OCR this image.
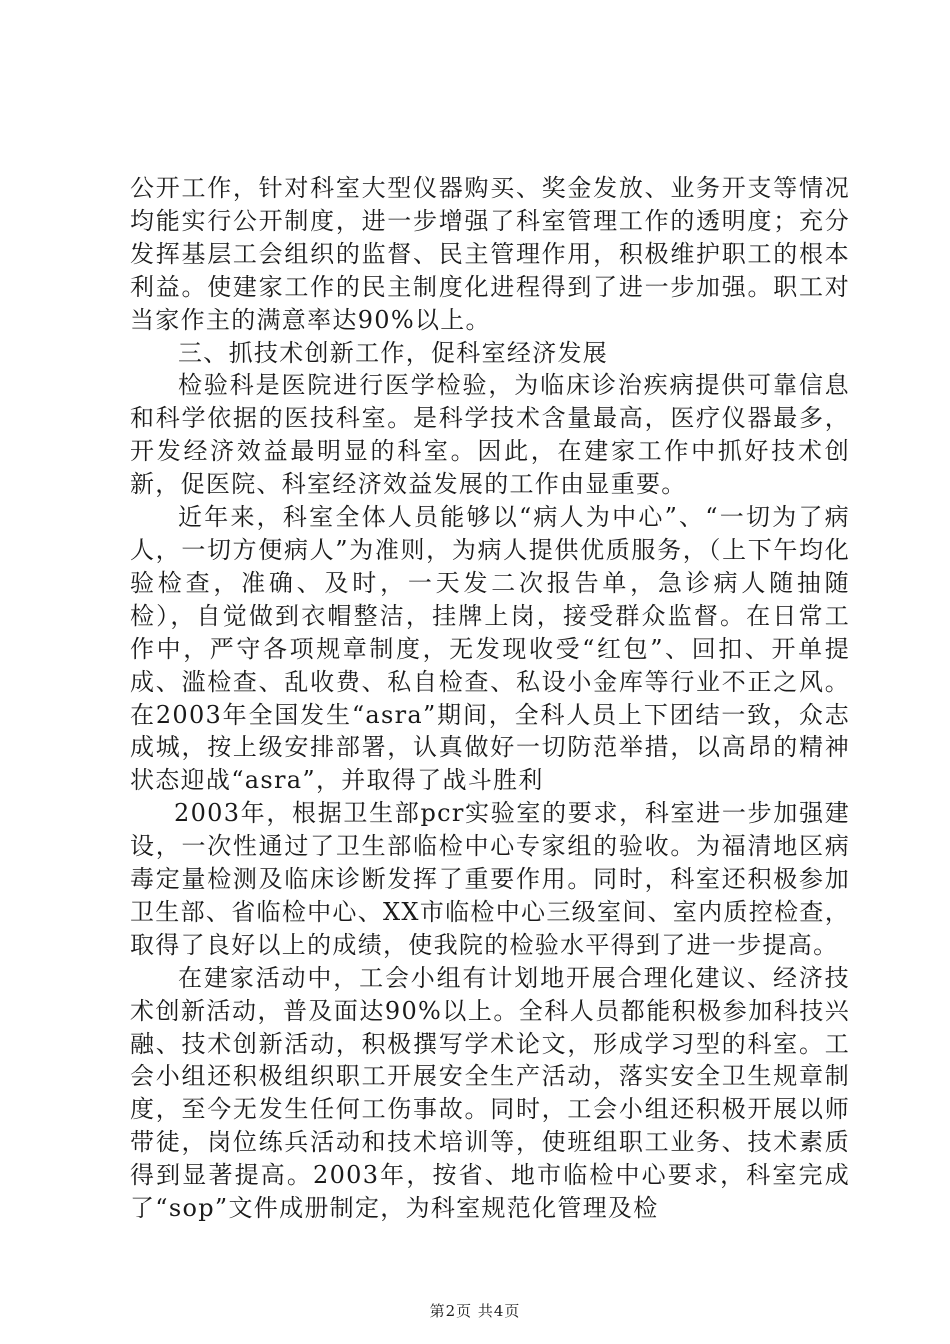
公开工作，针对科室大型仪器购买、奖金发放、业务开支等情况均能实行公开制度，进一步增强了科室管理工作的透明度；充分发挥基层工会组织的监督、民主管理作用，积极维护职工的根本利益。使建家工作的民主制度化进程得到了进一步加强。职工对当家作主的满意率达90%以上。

三、抓技术创新工作，促科室经济发展

检验科是医院进行医学检验，为临床诊治疾病提供可靠信息和科学依据的医技科室。是科学技术含量最高，医疗仪器最多，开发经济效益最明显的科室。因此，在建家工作中抓好技术创新，促医院、科室经济效益发展的工作由显重要。

近年来，科室全体人员能够以“病人为中心”、“一切为了病人，一切方便病人”为准则，为病人提供优质服务，（上下午均化验检查，准确、及时，一天发二次报告单，急诊病人随抽随检），自觉做到衣帽整洁，挂牌上岗，接受群众监督。在日常工作中，严守各项规章制度，无发现收受“红包”、回扣、开单提成、滥检查、乱收费、私自检查、私设小金库等行业不正之风。在2003年全国发生“asra”期间，全科人员上下团结一致，众志成城，按上级安排部署，认真做好一切防范举措，以高昂的精神状态迎战“asra”，并取得了战斗胜利

2003年，根据卫生部pcr实验室的要求，科室进一步加强建设，一次性通过了卫生部临检中心专家组的验收。为福清地区病毒定量检测及临床诊断发挥了重要作用。同时，科室还积极参加卫生部、省临检中心、XX市临检中心三级室间、室内质控检查，取得了良好以上的成绩，使我院的检验水平得到了进一步提高。

在建家活动中，工会小组有计划地开展合理化建议、经济技术创新活动，普及面达90%以上。全科人员都能积极参加科技兴融、技术创新活动，积极撰写学术论文，形成学习型的科室。工会小组还积极组织职工开展安全生产活动，落实安全卫生规章制度，至今无发生任何工伤事故。同时，工会小组还积极开展以师带徒，岗位练兵活动和技术培训等，使班组职工业务、技术素质得到显著提高。2003年，按省、地市临检中心要求，科室完成了“sop”文件成册制定，为科室规范化管理及检

第2页 共4页
